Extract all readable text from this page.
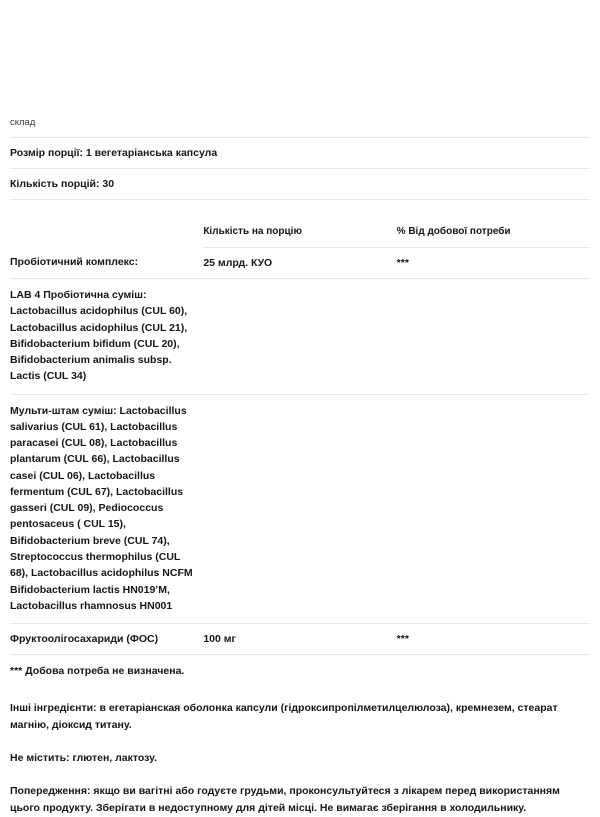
склад		
Розмір порції: 1 вегетаріанська капсула		
Кількість порцій: 30		

	Кількість на порцію	% Від добової потреби
Пробіотичний комплекс:	25 млрд. КУО	***
LAB 4 Пробіотична суміш: Lactobacillus acidophilus (CUL 60), Lactobacillus acidophilus (CUL 21), Bifidobacterium bifidum (CUL 20), Bifidobacterium animalis subsp. Lactis (CUL 34)		
Мульти-штам суміш: Lactobacillus salivarius (CUL 61), Lactobacillus paracasei (CUL 08), Lactobacillus plantarum (CUL 66), Lactobacillus casei (CUL 06), Lactobacillus fermentum (CUL 67), Lactobacillus gasseri (CUL 09), Pediococcus pentosaceus ( CUL 15), Bifidobacterium breve (CUL 74), Streptococcus thermophilus (CUL 68), Lactobacillus acidophilus NCFM Bifidobacterium lactis HN019’M, Lactobacillus rhamnosus HN001		
Фруктоолігосахариди (ФОС)	100 мг	***
*** Добова потреба не визначена.		

Інші інгредієнти: в егетаріанская оболонка капсули (гідроксипропілметилцелюлоза), кремнезем, стеарат магнію, діоксид титану.

Не містить: глютен, лактозу.

Попередження: якщо ви вагітні або годуєте грудьми, проконсультуйтеся з лікарем перед використанням цього продукту. Зберігати в недоступному для дітей місці. Не вимагає зберігання в холодильнику.
